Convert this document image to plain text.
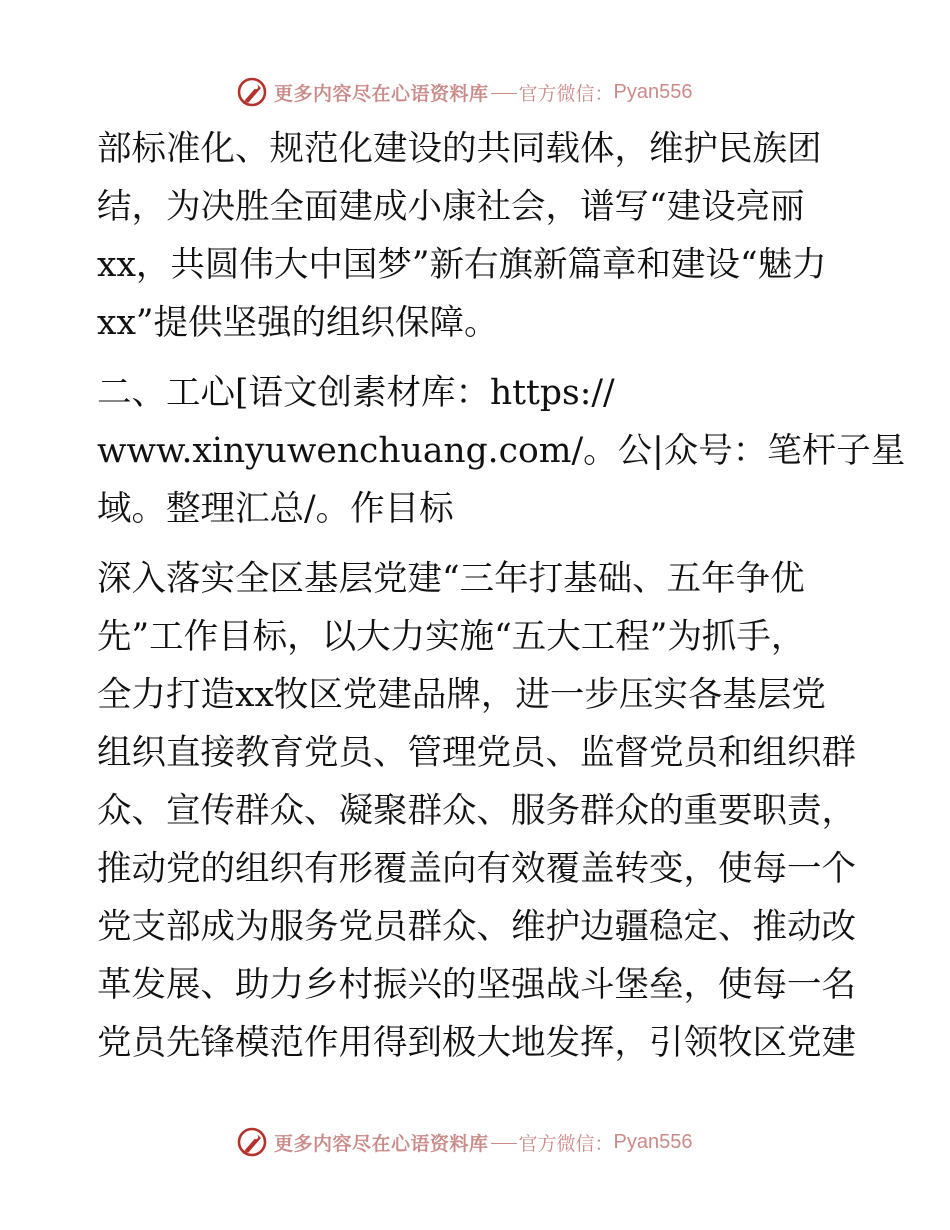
更多内容尽在心语资料库 官方微信： Pyan556
部标准化、规范化建设的共同载体，维护民族团
结，为决胜全面建成小康社会，谱写“建设亮丽
xx，共圆伟大中国梦”新右旗新篇章和建设“魅力
xx”提供坚强的组织保障。
二、工心[语文创素材库：https://
www.xinyuwenchuang.com/。公|众号：笔杆子星
域。整理汇总/。作目标
深入落实全区基层党建“三年打基础、五年争优
先”工作目标，以大力实施“五大工程”为抓手，
全力打造xx牧区党建品牌，进一步压实各基层党
组织直接教育党员、管理党员、监督党员和组织群
众、宣传群众、凝聚群众、服务群众的重要职责，
推动党的组织有形覆盖向有效覆盖转变，使每一个
党支部成为服务党员群众、维护边疆稳定、推动改
革发展、助力乡村振兴的坚强战斗堡垒，使每一名
党员先锋模范作用得到极大地发挥，引领牧区党建
更多内容尽在心语资料库 官方微信： Pyan556
